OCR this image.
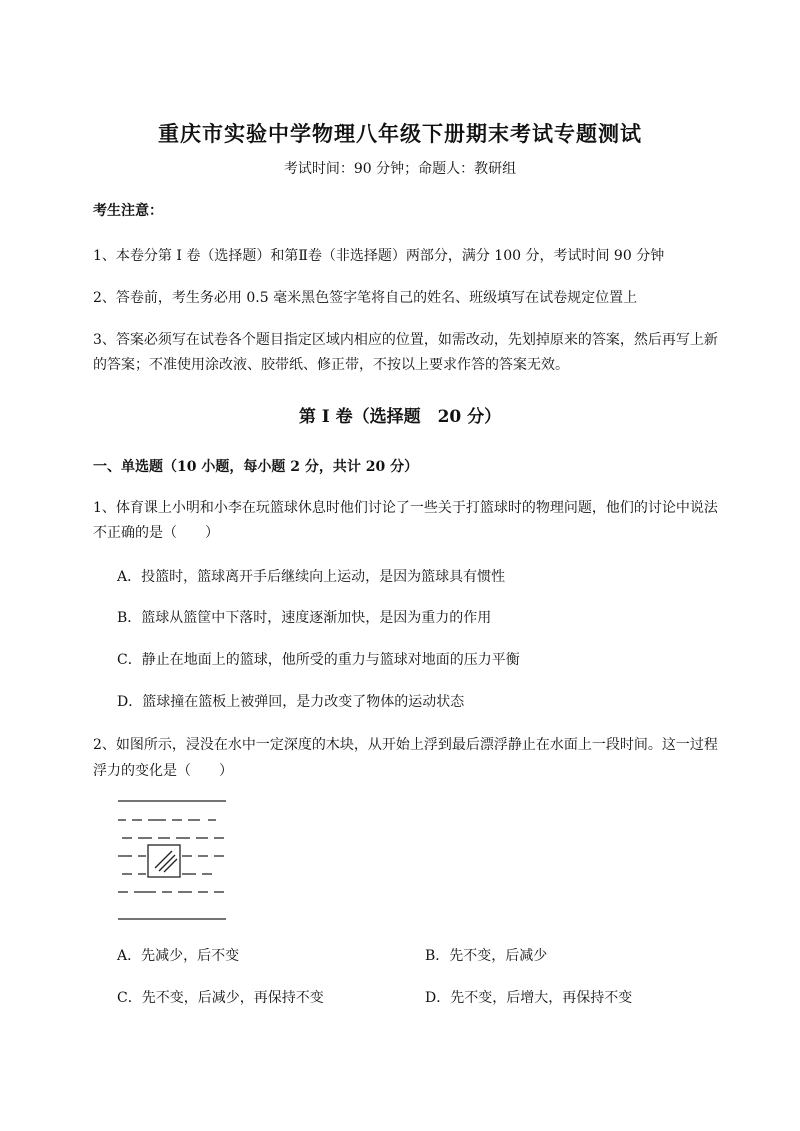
重庆市实验中学物理八年级下册期末考试专题测试
考试时间：90 分钟；命题人：教研组
考生注意：
1、本卷分第 I 卷（选择题）和第Ⅱ卷（非选择题）两部分，满分 100 分，考试时间 90 分钟
2、答卷前，考生务必用 0.5 毫米黑色签字笔将自己的姓名、班级填写在试卷规定位置上
3、答案必须写在试卷各个题目指定区域内相应的位置，如需改动，先划掉原来的答案，然后再写上新
的答案；不准使用涂改液、胶带纸、修正带，不按以上要求作答的答案无效。
第 I 卷（选择题　20 分）
一、单选题（10 小题，每小题 2 分，共计 20 分）
1、体育课上小明和小李在玩篮球休息时他们讨论了一些关于打篮球时的物理问题，他们的讨论中说法
不正确的是（　　）
A．投篮时，篮球离开手后继续向上运动，是因为篮球具有惯性
B．篮球从篮筐中下落时，速度逐渐加快，是因为重力的作用
C．静止在地面上的篮球，他所受的重力与篮球对地面的压力平衡
D．篮球撞在篮板上被弹回，是力改变了物体的运动状态
2、如图所示，浸没在水中一定深度的木块，从开始上浮到最后漂浮静止在水面上一段时间。这一过程
浮力的变化是（　　）
A．先减少，后不变	B．先不变，后减少
C．先不变，后减少，再保持不变	D．先不变，后增大，再保持不变
